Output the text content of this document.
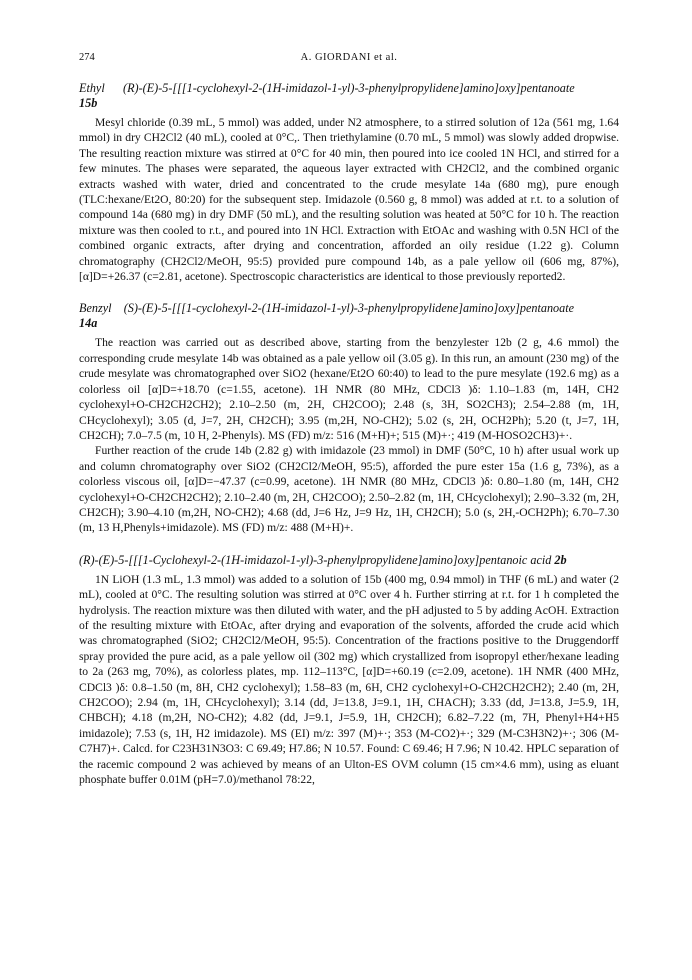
274	A. GIORDANI et al.
Ethyl (R)-(E)-5-[[[1-cyclohexyl-2-(1H-imidazol-1-yl)-3-phenylpropylidene]amino]oxy]pentanoate
15b

Mesyl chloride (0.39 mL, 5 mmol) was added, under N2 atmosphere, to a stirred solution of 12a (561 mg, 1.64 mmol) in dry CH2Cl2 (40 mL), cooled at 0°C,. Then triethylamine (0.70 mL, 5 mmol) was slowly added dropwise. The resulting reaction mixture was stirred at 0°C for 40 min, then poured into ice cooled 1N HCl, and stirred for a few minutes. The phases were separated, the aqueous layer extracted with CH2Cl2, and the combined organic extracts washed with water, dried and concentrated to the crude mesylate 14a (680 mg), pure enough (TLC:hexane/Et2O, 80:20) for the subsequent step. Imidazole (0.560 g, 8 mmol) was added at r.t. to a solution of compound 14a (680 mg) in dry DMF (50 mL), and the resulting solution was heated at 50°C for 10 h. The reaction mixture was then cooled to r.t., and poured into 1N HCl. Extraction with EtOAc and washing with 0.5N HCl of the combined organic extracts, after drying and concentration, afforded an oily residue (1.22 g). Column chromatography (CH2Cl2/MeOH, 95:5) provided pure compound 14b, as a pale yellow oil (606 mg, 87%), [α]D=+26.37 (c=2.81, acetone). Spectroscopic characteristics are identical to those previously reported2.

Benzyl (S)-(E)-5-[[[1-cyclohexyl-2-(1H-imidazol-1-yl)-3-phenylpropylidene]amino]oxy]pentanoate
14a

The reaction was carried out as described above, starting from the benzylester 12b (2 g, 4.6 mmol) the corresponding crude mesylate 14b was obtained as a pale yellow oil (3.05 g). In this run, an amount (230 mg) of the crude mesylate was chromatographed over SiO2 (hexane/Et2O 60:40) to lead to the pure mesylate (192.6 mg) as a colorless oil [α]D=+18.70 (c=1.55, acetone). 1H NMR (80 MHz, CDCl3 )δ: 1.10–1.83 (m, 14H, CH2 cyclohexyl+O-CH2CH2CH2); 2.10–2.50 (m, 2H, CH2COO); 2.48 (s, 3H, SO2CH3); 2.54–2.88 (m, 1H, CHcyclohexyl); 3.05 (d, J=7, 2H, CH2CH); 3.95 (m,2H, NO-CH2); 5.02 (s, 2H, OCH2Ph); 5.20 (t, J=7, 1H, CH2CH); 7.0–7.5 (m, 10 H, 2-Phenyls). MS (FD) m/z: 516 (M+H)+; 515 (M)+·; 419 (M-HOSO2CH3)+·.

Further reaction of the crude 14b (2.82 g) with imidazole (23 mmol) in DMF (50°C, 10 h) after usual work up and column chromatography over SiO2 (CH2Cl2/MeOH, 95:5), afforded the pure ester 15a (1.6 g, 73%), as a colorless viscous oil, [α]D=−47.37 (c=0.99, acetone). 1H NMR (80 MHz, CDCl3 )δ: 0.80–1.80 (m, 14H, CH2 cyclohexyl+O-CH2CH2CH2); 2.10–2.40 (m, 2H, CH2COO); 2.50–2.82 (m, 1H, CHcyclohexyl); 2.90–3.32 (m, 2H, CH2CH); 3.90–4.10 (m,2H, NO-CH2); 4.68 (dd, J=6 Hz, J=9 Hz, 1H, CH2CH); 5.0 (s, 2H,-OCH2Ph); 6.70–7.30 (m, 13 H,Phenyls+imidazole). MS (FD) m/z: 488 (M+H)+.

(R)-(E)-5-[[[1-Cyclohexyl-2-(1H-imidazol-1-yl)-3-phenylpropylidene]amino]oxy]pentanoic acid 2b

1N LiOH (1.3 mL, 1.3 mmol) was added to a solution of 15b (400 mg, 0.94 mmol) in THF (6 mL) and water (2 mL), cooled at 0°C. The resulting solution was stirred at 0°C over 4 h. Further stirring at r.t. for 1 h completed the hydrolysis. The reaction mixture was then diluted with water, and the pH adjusted to 5 by adding AcOH. Extraction of the resulting mixture with EtOAc, after drying and evaporation of the solvents, afforded the crude acid which was chromatographed (SiO2; CH2Cl2/MeOH, 95:5). Concentration of the fractions positive to the Druggendorff spray provided the pure acid, as a pale yellow oil (302 mg) which crystallized from isopropyl ether/hexane leading to 2a (263 mg, 70%), as colorless plates, mp. 112–113°C, [α]D=+60.19 (c=2.09, acetone). 1H NMR (400 MHz, CDCl3 )δ: 0.8–1.50 (m, 8H, CH2 cyclohexyl); 1.58–83 (m, 6H, CH2 cyclohexyl+O-CH2CH2CH2); 2.40 (m, 2H, CH2COO); 2.94 (m, 1H, CHcyclohexyl); 3.14 (dd, J=13.8, J=9.1, 1H, CHACH); 3.33 (dd, J=13.8, J=5.9, 1H, CHBCH); 4.18 (m,2H, NO-CH2); 4.82 (dd, J=9.1, J=5.9, 1H, CH2CH); 6.82–7.22 (m, 7H, Phenyl+H4+H5 imidazole); 7.53 (s, 1H, H2 imidazole). MS (EI) m/z: 397 (M)+·; 353 (M-CO2)+·; 329 (M-C3H3N2)+·; 306 (M-C7H7)+. Calcd. for C23H31N3O3: C 69.49; H7.86; N 10.57. Found: C 69.46; H 7.96; N 10.42. HPLC separation of the racemic compound 2 was achieved by means of an Ulton-ES OVM column (15 cm×4.6 mm), using as eluant phosphate buffer 0.01M (pH=7.0)/methanol 78:22,
